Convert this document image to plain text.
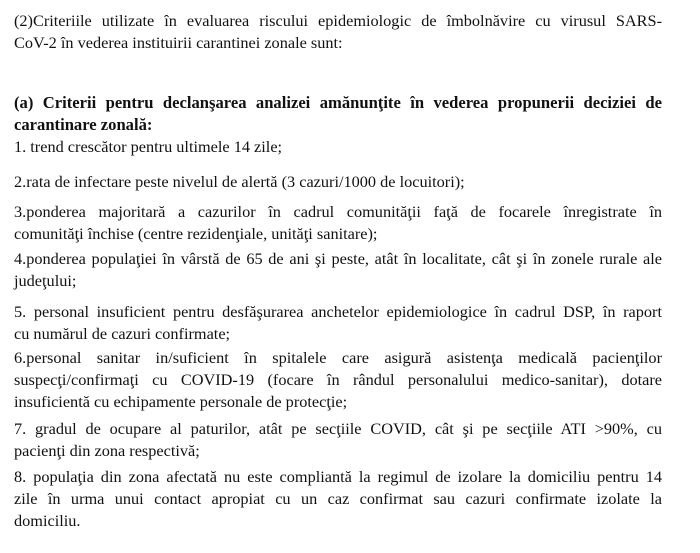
(2)Criteriile utilizate în evaluarea riscului epidemiologic de îmbolnăvire cu virusul SARS-
CoV-2 în vederea instituirii carantinei zonale sunt:

(a) Criterii pentru declanşarea analizei amănunţite în vederea propunerii deciziei de
carantinare zonală:

1. trend crescător pentru ultimele 14 zile;

2.rata de infectare peste nivelul de alertă (3 cazuri/1000 de locuitori);

3.ponderea majoritară a cazurilor în cadrul comunităţii faţă de focarele înregistrate în
comunităţi închise (centre rezidenţiale, unităţi sanitare);

4.ponderea populaţiei în vârstă de 65 de ani şi peste, atât în localitate, cât şi în zonele rurale ale
judeţului;

5. personal insuficient pentru desfăşurarea anchetelor epidemiologice în cadrul DSP, în raport
cu numărul de cazuri confirmate;

6.personal sanitar in/suficient în spitalele care asigură asistenţa medicală pacienţilor
suspecţi/confirmaţi cu COVID-19 (focare în rândul personalului medico-sanitar), dotare
insuficientă cu echipamente personale de protecţie;

7. gradul de ocupare al paturilor, atât pe secţiile COVID, cât şi pe secţiile ATI >90%, cu
pacienţi din zona respectivă;

8. populaţia din zona afectată nu este compliantă la regimul de izolare la domiciliu pentru 14
zile în urma unui contact apropiat cu un caz confirmat sau cazuri confirmate izolate la
domiciliu.
